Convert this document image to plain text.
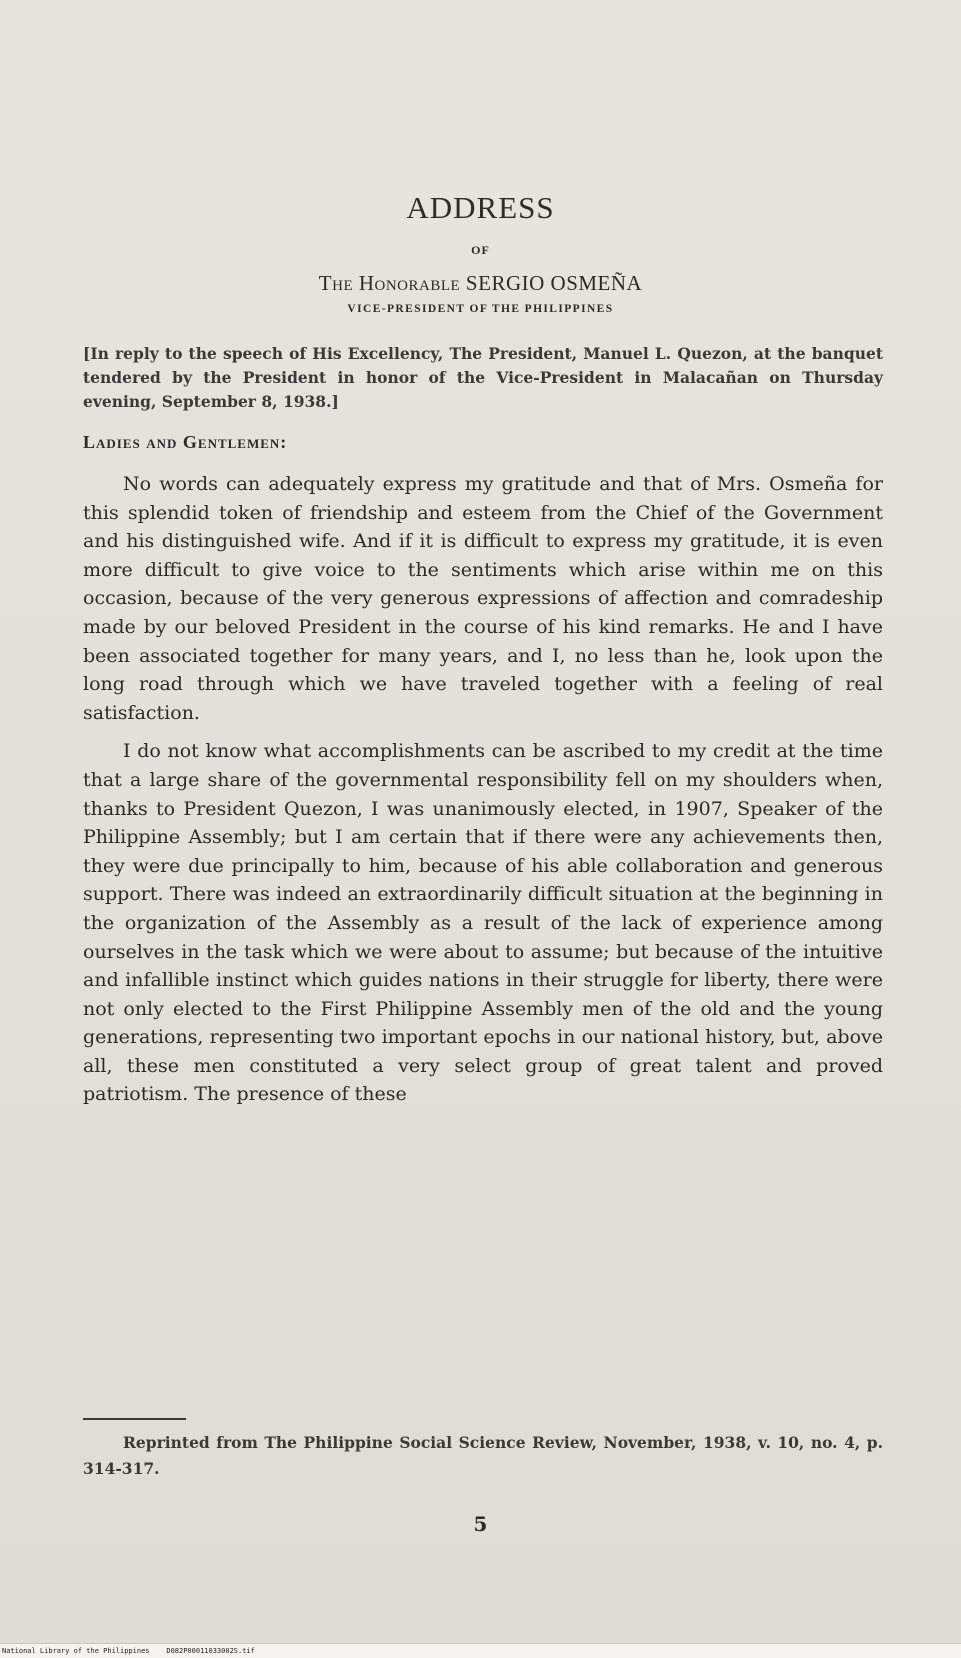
ADDRESS
OF
The Honorable SERGIO OSMEÑA
VICE-PRESIDENT OF THE PHILIPPINES
[In reply to the speech of His Excellency, The President, Manuel L. Quezon, at the banquet tendered by the President in honor of the Vice-President in Malacañan on Thursday evening, September 8, 1938.]
Ladies and Gentlemen:

No words can adequately express my gratitude and that of Mrs. Osmeña for this splendid token of friendship and esteem from the Chief of the Government and his distinguished wife. And if it is difficult to express my gratitude, it is even more difficult to give voice to the sentiments which arise within me on this occasion, because of the very generous expressions of affection and comradeship made by our beloved President in the course of his kind remarks. He and I have been associated together for many years, and I, no less than he, look upon the long road through which we have traveled together with a feeling of real satisfaction.

I do not know what accomplishments can be ascribed to my credit at the time that a large share of the governmental responsibility fell on my shoulders when, thanks to President Quezon, I was unanimously elected, in 1907, Speaker of the Philippine Assembly; but I am certain that if there were any achievements then, they were due principally to him, because of his able collaboration and generous support. There was indeed an extraordinarily difficult situation at the beginning in the organization of the Assembly as a result of the lack of experience among ourselves in the task which we were about to assume; but because of the intuitive and infallible instinct which guides nations in their struggle for liberty, there were not only elected to the First Philippine Assembly men of the old and the young generations, representing two important epochs in our national history, but, above all, these men constituted a very select group of great talent and proved patriotism. The presence of these

Reprinted from The Philippine Social Science Review, November, 1938, v. 10, no. 4, p. 314-317.
5
National Library of the Philippines    D082P00011033002S.tif
